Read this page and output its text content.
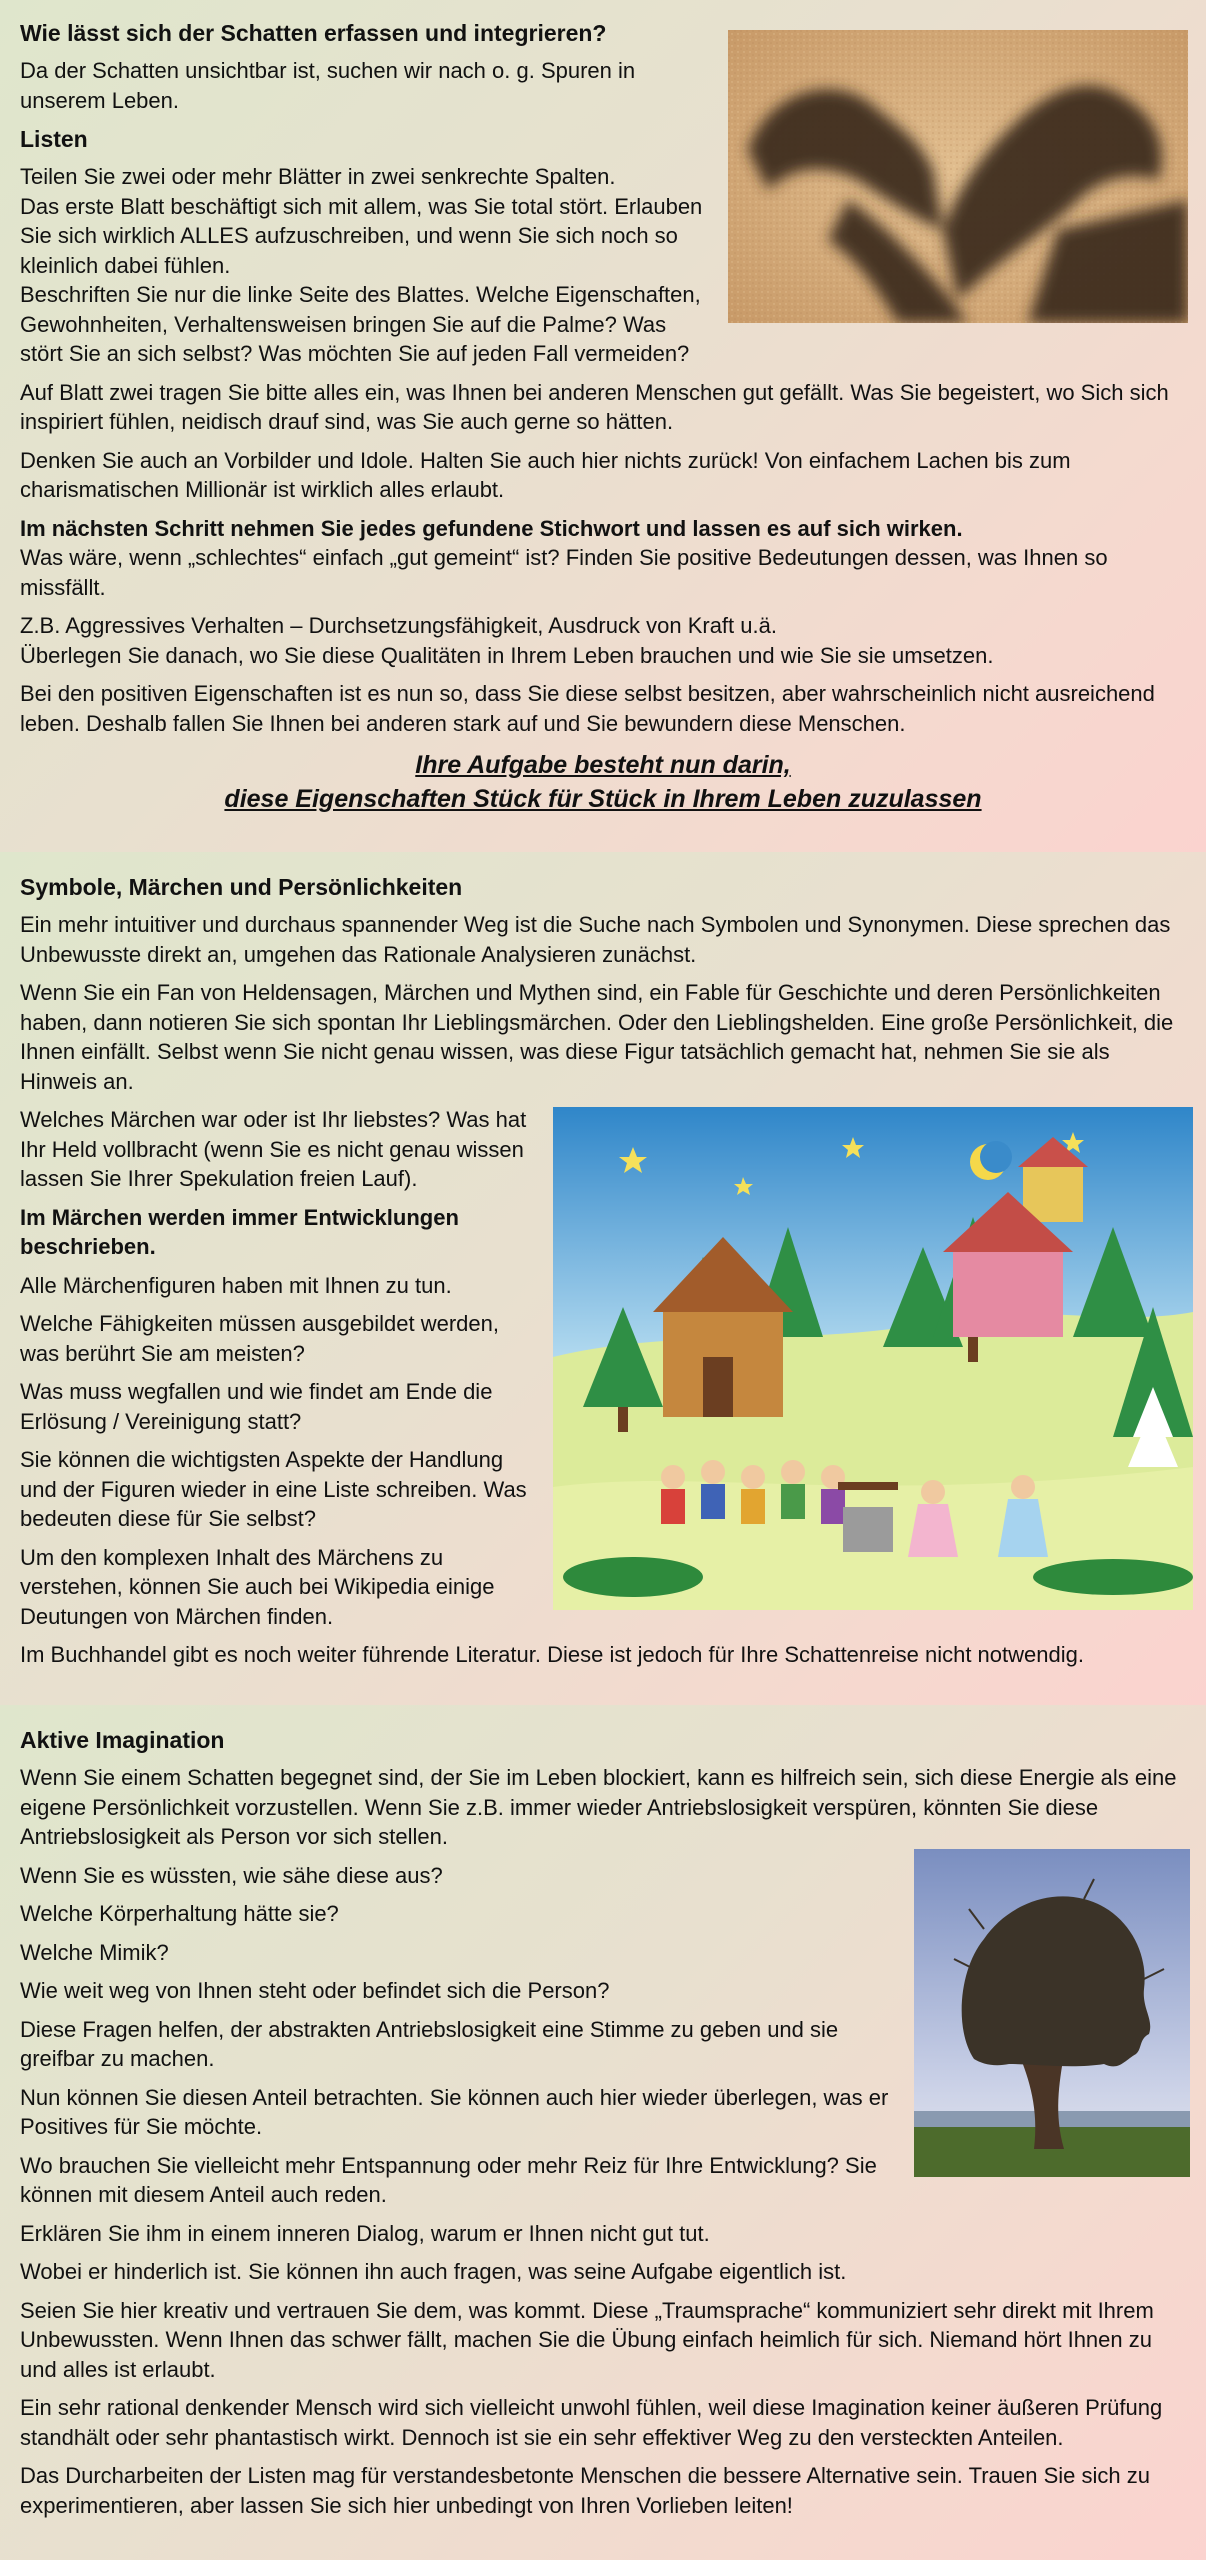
Wie lässt sich der Schatten erfassen und integrieren?

Da der Schatten unsichtbar ist, suchen wir nach o. g. Spuren in unserem Leben.

Listen

Teilen Sie zwei oder mehr Blätter in zwei senkrechte Spalten.
Das erste Blatt beschäftigt sich mit allem, was Sie total stört. Erlauben Sie sich wirklich ALLES aufzuschreiben, und wenn Sie sich noch so kleinlich dabei fühlen.
Beschriften Sie nur die linke Seite des Blattes. Welche Eigenschaften, Gewohnheiten, Verhaltensweisen bringen Sie auf die Palme? Was stört Sie an sich selbst? Was möchten Sie auf jeden Fall vermeiden?

Auf Blatt zwei tragen Sie bitte alles ein, was Ihnen bei anderen Menschen gut gefällt. Was Sie begeistert, wo Sich sich inspiriert fühlen, neidisch drauf sind, was Sie auch gerne so hätten.

Denken Sie auch an Vorbilder und Idole. Halten Sie auch hier nichts zurück! Von einfachem Lachen bis zum charismatischen Millionär ist wirklich alles erlaubt.

Im nächsten Schritt nehmen Sie jedes gefundene Stichwort und lassen es auf sich wirken.
Was wäre, wenn „schlechtes“ einfach „gut gemeint“ ist? Finden Sie positive Bedeutungen dessen, was Ihnen so missfällt.

Z.B. Aggressives Verhalten – Durchsetzungsfähigkeit, Ausdruck von Kraft u.ä.
Überlegen Sie danach, wo Sie diese Qualitäten in Ihrem Leben brauchen und wie Sie sie umsetzen.

Bei den positiven Eigenschaften ist es nun so, dass Sie diese selbst besitzen, aber wahrscheinlich nicht ausreichend leben. Deshalb fallen Sie Ihnen bei anderen stark auf und Sie bewundern diese Menschen.

Ihre Aufgabe besteht nun darin,
diese Eigenschaften Stück für Stück in Ihrem Leben zuzulassen
Symbole, Märchen und Persönlichkeiten

Ein mehr intuitiver und durchaus spannender Weg ist die Suche nach Symbolen und Synonymen. Diese sprechen das Unbewusste direkt an, umgehen das Rationale Analysieren zunächst.

Wenn Sie ein Fan von Heldensagen, Märchen und Mythen sind, ein Fable für Geschichte und deren Persönlichkeiten haben, dann notieren Sie sich spontan Ihr Lieblingsmärchen. Oder den Lieblingshelden. Eine große Persönlichkeit, die Ihnen einfällt. Selbst wenn Sie nicht genau wissen, was diese Figur tatsächlich gemacht hat, nehmen Sie sie als Hinweis an.

Welches Märchen war oder ist Ihr liebstes? Was hat Ihr Held vollbracht (wenn Sie es nicht genau wissen lassen Sie Ihrer Spekulation freien Lauf).

Im Märchen werden immer Entwicklungen beschrieben.

Alle Märchenfiguren haben mit Ihnen zu tun.

Welche Fähigkeiten müssen ausgebildet werden, was berührt Sie am meisten?

Was muss wegfallen und wie findet am Ende die Erlösung / Vereinigung statt?

Sie können die wichtigsten Aspekte der Handlung und der Figuren wieder in eine Liste schreiben. Was bedeuten diese für Sie selbst?

Um den komplexen Inhalt des Märchens zu verstehen, können Sie auch bei Wikipedia einige Deutungen von Märchen finden.

Im Buchhandel gibt es noch weiter führende Literatur. Diese ist jedoch für Ihre Schattenreise nicht notwendig.

Aktive Imagination

Wenn Sie einem Schatten begegnet sind, der Sie im Leben blockiert, kann es hilfreich sein, sich diese Energie als eine eigene Persönlichkeit vorzustellen. Wenn Sie z.B. immer wieder Antriebslosigkeit verspüren, könnten Sie diese Antriebslosigkeit als Person vor sich stellen.

Wenn Sie es wüssten, wie sähe diese aus?

Welche Körperhaltung hätte sie?

Welche Mimik?

Wie weit weg von Ihnen steht oder befindet sich die Person?

Diese Fragen helfen, der abstrakten Antriebslosigkeit eine Stimme zu geben und sie greifbar zu machen.

Nun können Sie diesen Anteil betrachten. Sie können auch hier wieder überlegen, was er Positives für Sie möchte.

Wo brauchen Sie vielleicht mehr Entspannung oder mehr Reiz für Ihre Entwicklung? Sie können mit diesem Anteil auch reden.

Erklären Sie ihm in einem inneren Dialog, warum er Ihnen nicht gut tut.

Wobei er hinderlich ist. Sie können ihn auch fragen, was seine Aufgabe eigentlich ist.

Seien Sie hier kreativ und vertrauen Sie dem, was kommt. Diese „Traumsprache“ kommuniziert sehr direkt mit Ihrem Unbewussten. Wenn Ihnen das schwer fällt, machen Sie die Übung einfach heimlich für sich. Niemand hört Ihnen zu und alles ist erlaubt.

Ein sehr rational denkender Mensch wird sich vielleicht unwohl fühlen, weil diese Imagination keiner äußeren Prüfung standhält oder sehr phantastisch wirkt. Dennoch ist sie ein sehr effektiver Weg zu den versteckten Anteilen.

Das Durcharbeiten der Listen mag für verstandesbetonte Menschen die bessere Alternative sein. Trauen Sie sich zu experimentieren, aber lassen Sie sich hier unbedingt von Ihren Vorlieben leiten!
